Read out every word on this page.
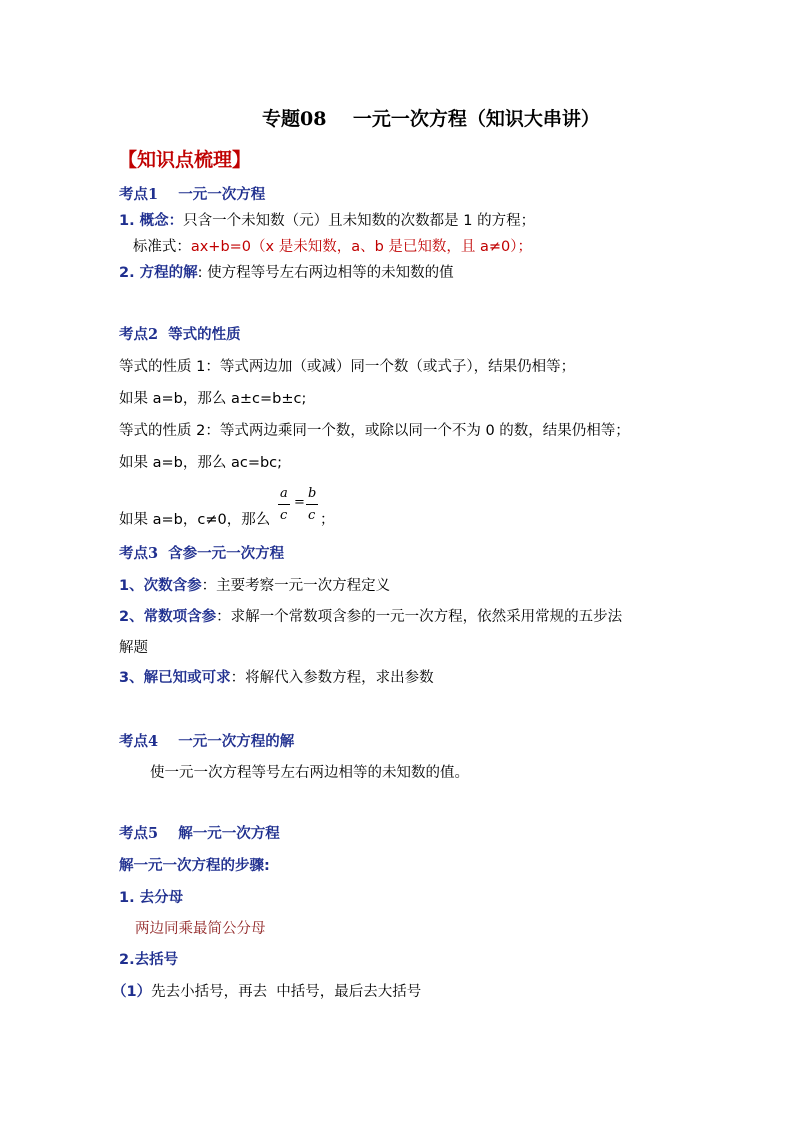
专题08    一元一次方程（知识大串讲）
【知识点梳理】
考点1    一元一次方程
1. 概念：只含一个未知数（元）且未知数的次数都是 1 的方程；
标准式：ax+b=0（x 是未知数，a、b 是已知数，且 a≠0）；
2. 方程的解: 使方程等号左右两边相等的未知数的值
考点2  等式的性质
等式的性质 1：等式两边加（或减）同一个数（或式子），结果仍相等；
如果 a=b，那么 a±c=b±c;
等式的性质 2：等式两边乘同一个数，或除以同一个不为 0 的数，结果仍相等；
如果 a=b，那么 ac=bc;
如果 a=b，c≠0，那么
a
c
=
b
c ；
考点3  含参一元一次方程
1、次数含参：主要考察一元一次方程定义
2、常数项含参：求解一个常数项含参的一元一次方程，依然采用常规的五步法
解题
3、解已知或可求：将解代入参数方程，求出参数
考点4    一元一次方程的解
使一元一次方程等号左右两边相等的未知数的值。
考点5    解一元一次方程
解一元一次方程的步骤:
1. 去分母
两边同乘最简公分母
2.去括号
（1）先去小括号，再去  中括号，最后去大括号
